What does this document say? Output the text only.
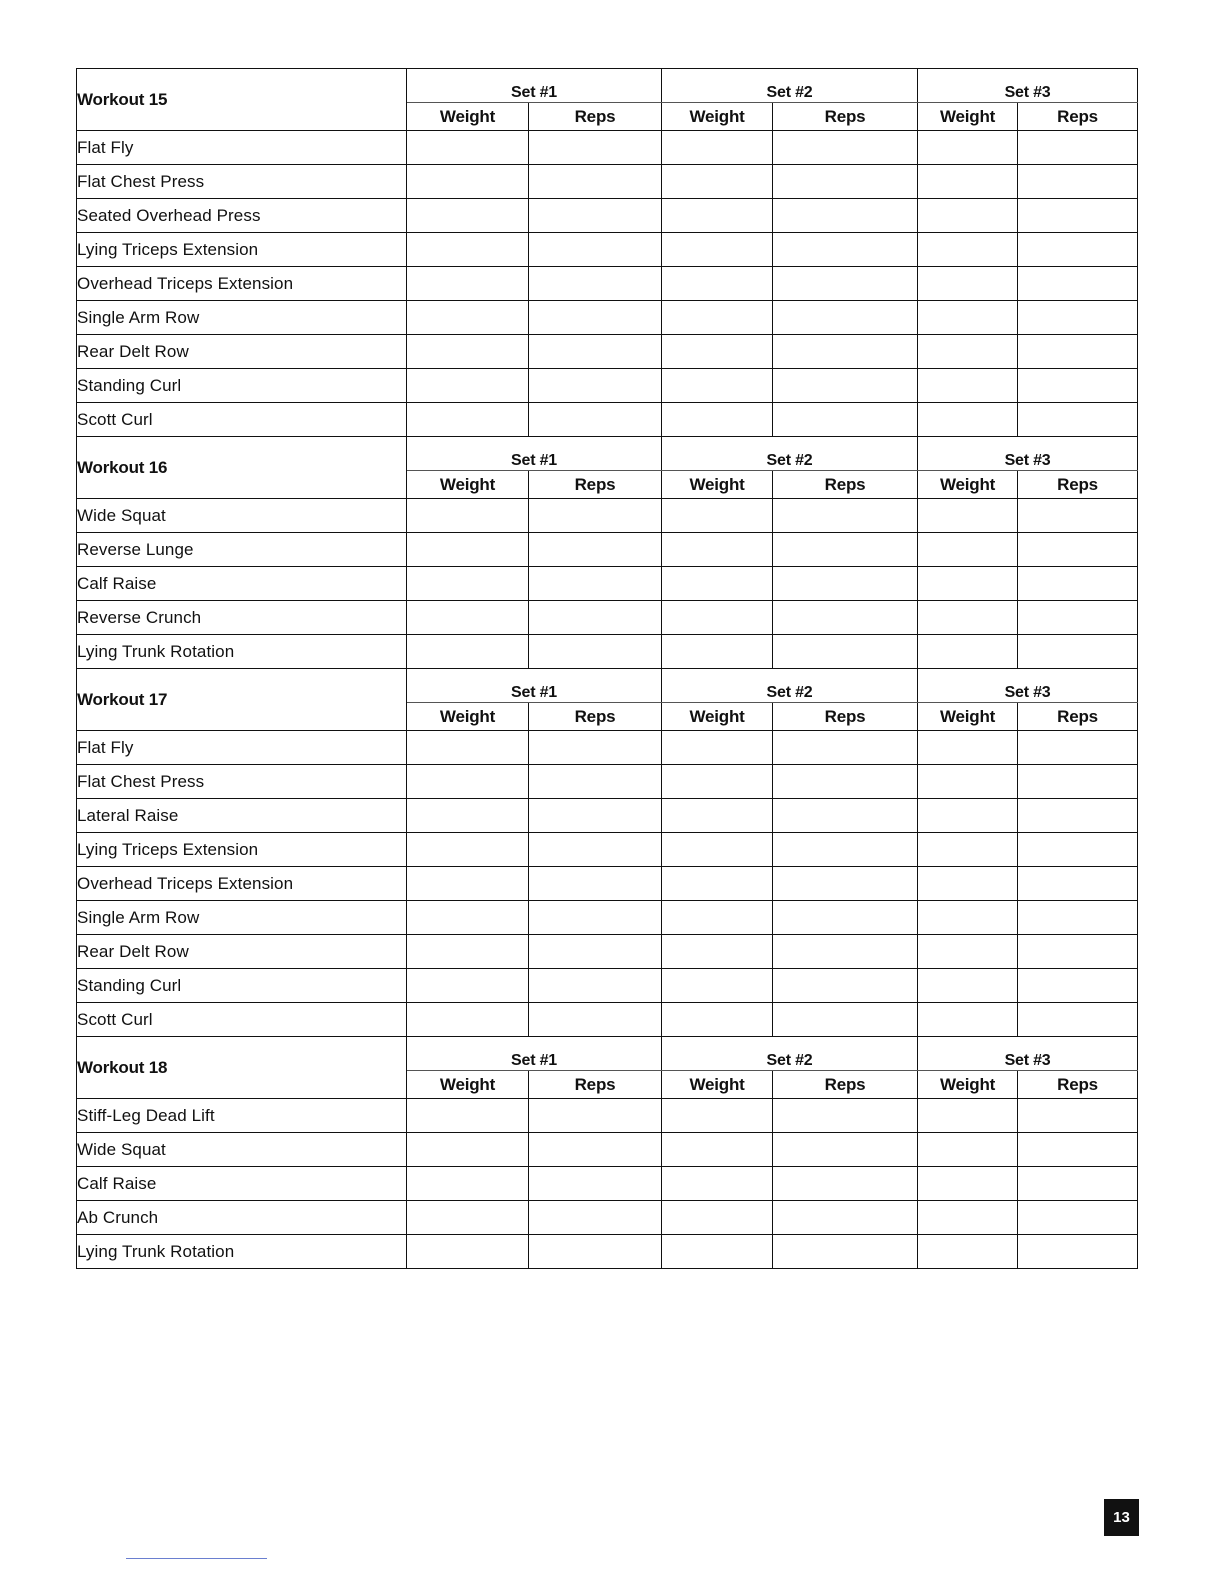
Workout 15	Set #1		Set #2		Set #3	
	Weight	Reps	Weight	Reps	Weight	Reps
Flat Fly						
Flat Chest Press						
Seated Overhead Press						
Lying Triceps Extension						
Overhead Triceps Extension						
Single Arm Row						
Rear Delt Row						
Standing Curl						
Scott Curl						
Workout 16	Set #1		Set #2		Set #3	
	Weight	Reps	Weight	Reps	Weight	Reps
Wide Squat						
Reverse Lunge						
Calf Raise						
Reverse Crunch						
Lying Trunk Rotation						
Workout 17	Set #1		Set #2		Set #3	
	Weight	Reps	Weight	Reps	Weight	Reps
Flat Fly						
Flat Chest Press						
Lateral Raise						
Lying Triceps Extension						
Overhead Triceps Extension						
Single Arm Row						
Rear Delt Row						
Standing Curl						
Scott Curl						
Workout 18	Set #1		Set #2		Set #3	
	Weight	Reps	Weight	Reps	Weight	Reps
Stiff-Leg Dead Lift						
Wide Squat						
Calf Raise						
Ab Crunch						
Lying Trunk Rotation						
13
